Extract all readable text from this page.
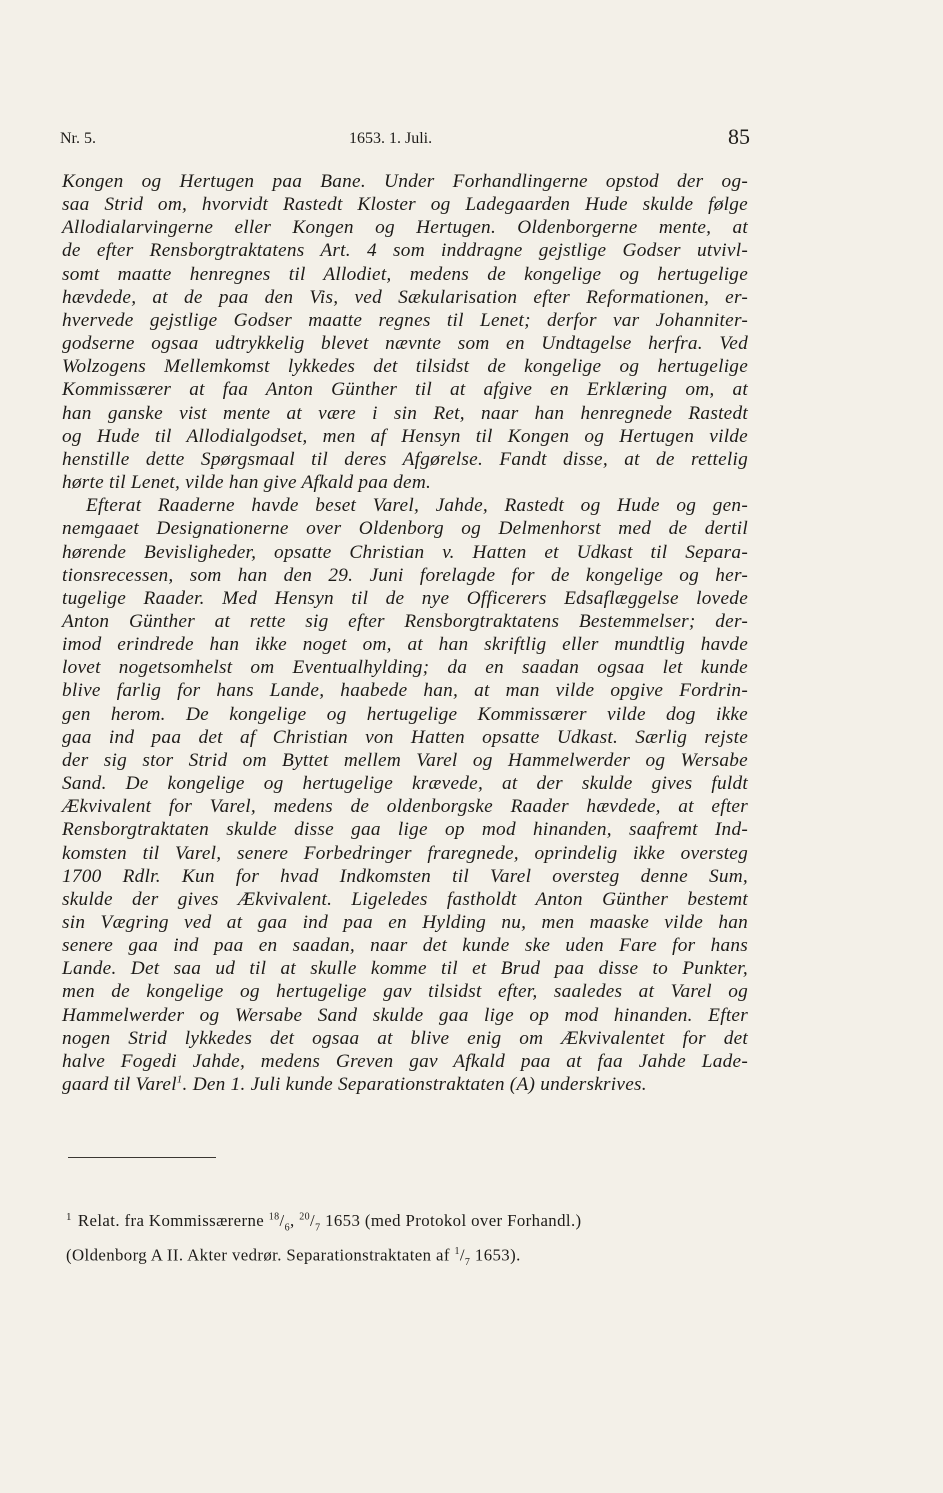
Nr. 5.	1653. 1. Juli.	85
Kongen og Hertugen paa Bane. Under Forhandlingerne opstod der og-
saa Strid om, hvorvidt Rastedt Kloster og Ladegaarden Hude skulde følge
Allodialarvingerne eller Kongen og Hertugen. Oldenborgerne mente, at
de efter Rensborgtraktatens Art. 4 som inddragne gejstlige Godser utvivl-
somt maatte henregnes til Allodiet, medens de kongelige og hertugelige
hævdede, at de paa den Vis, ved Sækularisation efter Reformationen, er-
hvervede gejstlige Godser maatte regnes til Lenet; derfor var Johanniter-
godserne ogsaa udtrykkelig blevet nævnte som en Undtagelse herfra. Ved
Wolzogens Mellemkomst lykkedes det tilsidst de kongelige og hertugelige
Kommissærer at faa Anton Günther til at afgive en Erklæring om, at
han ganske vist mente at være i sin Ret, naar han henregnede Rastedt
og Hude til Allodialgodset, men af Hensyn til Kongen og Hertugen vilde
henstille dette Spørgsmaal til deres Afgørelse. Fandt disse, at de rettelig
hørte til Lenet, vilde han give Afkald paa dem.
Efterat Raaderne havde beset Varel, Jahde, Rastedt og Hude og gen-
nemgaaet Designationerne over Oldenborg og Delmenhorst med de dertil
hørende Bevisligheder, opsatte Christian v. Hatten et Udkast til Separa-
tionsrecessen, som han den 29. Juni forelagde for de kongelige og her-
tugelige Raader. Med Hensyn til de nye Officerers Edsaflæggelse lovede
Anton Günther at rette sig efter Rensborgtraktatens Bestemmelser; der-
imod erindrede han ikke noget om, at han skriftlig eller mundtlig havde
lovet nogetsomhelst om Eventualhylding; da en saadan ogsaa let kunde
blive farlig for hans Lande, haabede han, at man vilde opgive Fordrin-
gen herom. De kongelige og hertugelige Kommissærer vilde dog ikke
gaa ind paa det af Christian von Hatten opsatte Udkast. Særlig rejste
der sig stor Strid om Byttet mellem Varel og Hammelwerder og Wersabe
Sand. De kongelige og hertugelige krævede, at der skulde gives fuldt
Ækvivalent for Varel, medens de oldenborgske Raader hævdede, at efter
Rensborgtraktaten skulde disse gaa lige op mod hinanden, saafremt Ind-
komsten til Varel, senere Forbedringer fraregnede, oprindelig ikke oversteg
1700 Rdlr. Kun for hvad Indkomsten til Varel oversteg denne Sum,
skulde der gives Ækvivalent. Ligeledes fastholdt Anton Günther bestemt
sin Vægring ved at gaa ind paa en Hylding nu, men maaske vilde han
senere gaa ind paa en saadan, naar det kunde ske uden Fare for hans
Lande. Det saa ud til at skulle komme til et Brud paa disse to Punkter,
men de kongelige og hertugelige gav tilsidst efter, saaledes at Varel og
Hammelwerder og Wersabe Sand skulde gaa lige op mod hinanden. Efter
nogen Strid lykkedes det ogsaa at blive enig om Ækvivalentet for det
halve Fogedi Jahde, medens Greven gav Afkald paa at faa Jahde Lade-
gaard til Varel$^1$. Den 1. Juli kunde Separationstraktaten (A) underskrives.
$^1$ Relat. fra Kommissærerne $^{18}/_6$, $^{20}/_7$ 1653 (med Protokol over Forhandl.)
(Oldenborg A II. Akter vedrør. Separationstraktaten af $^1/_7$ 1653).
